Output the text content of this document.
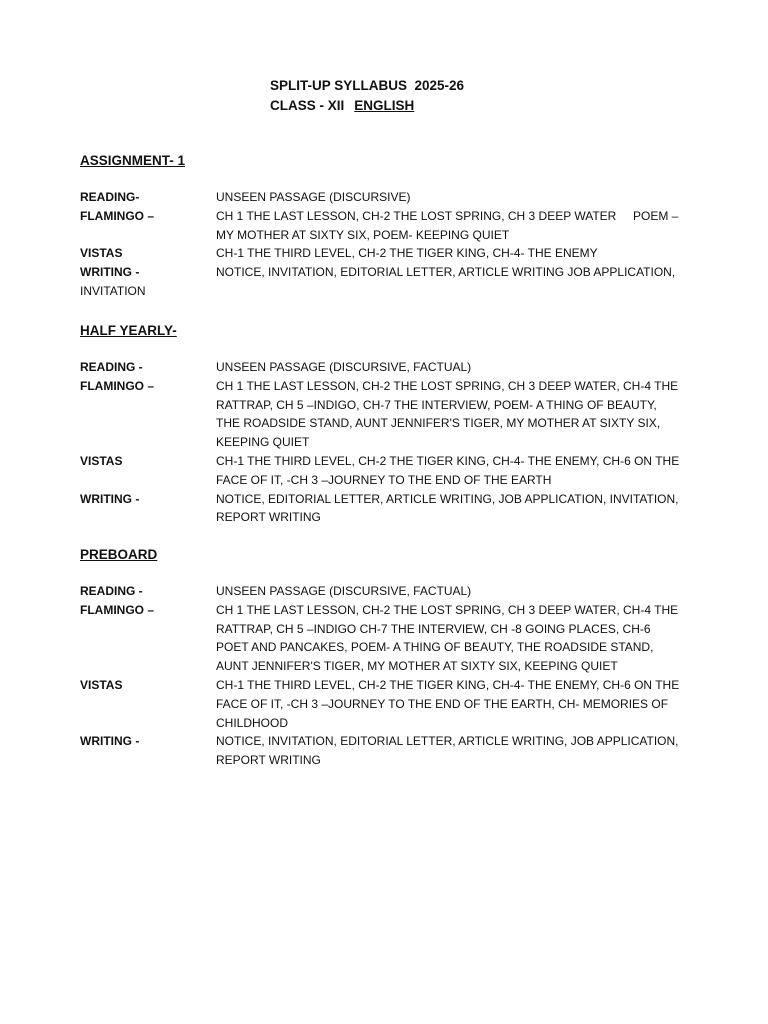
SPLIT-UP SYLLABUS  2025-26
CLASS - XII ENGLISH
ASSIGNMENT- 1
READING-	UNSEEN PASSAGE (DISCURSIVE)
FLAMINGO –	CH 1 THE LAST LESSON, CH-2 THE LOST SPRING, CH 3 DEEP WATER     POEM – MY MOTHER AT SIXTY SIX, POEM- KEEPING QUIET
VISTAS	CH-1 THE THIRD LEVEL, CH-2 THE TIGER KING, CH-4- THE ENEMY
WRITING -	NOTICE, INVITATION, EDITORIAL LETTER, ARTICLE WRITING JOB APPLICATION,
INVITATION
HALF YEARLY-
READING -	UNSEEN PASSAGE (DISCURSIVE, FACTUAL)
FLAMINGO –	CH 1 THE LAST LESSON, CH-2 THE LOST SPRING, CH 3 DEEP WATER, CH-4 THE RATTRAP, CH 5 –INDIGO, CH-7 THE INTERVIEW, POEM- A THING OF BEAUTY, THE ROADSIDE STAND, AUNT JENNIFER'S TIGER, MY MOTHER AT SIXTY SIX, KEEPING QUIET
VISTAS	CH-1 THE THIRD LEVEL, CH-2 THE TIGER KING, CH-4- THE ENEMY, CH-6 ON THE FACE OF IT, -CH 3 –JOURNEY TO THE END OF THE EARTH
WRITING -	NOTICE, EDITORIAL LETTER, ARTICLE WRITING, JOB APPLICATION, INVITATION, REPORT WRITING
PREBOARD
READING -	UNSEEN PASSAGE (DISCURSIVE, FACTUAL)
FLAMINGO –	CH 1 THE LAST LESSON, CH-2 THE LOST SPRING, CH 3 DEEP WATER, CH-4 THE RATTRAP, CH 5 –INDIGO CH-7 THE INTERVIEW, CH -8 GOING PLACES, CH-6 POET AND PANCAKES, POEM- A THING OF BEAUTY, THE ROADSIDE STAND, AUNT JENNIFER'S TIGER, MY MOTHER AT SIXTY SIX, KEEPING QUIET
VISTAS	CH-1 THE THIRD LEVEL, CH-2 THE TIGER KING, CH-4- THE ENEMY, CH-6 ON THE FACE OF IT, -CH 3 –JOURNEY TO THE END OF THE EARTH, CH- MEMORIES OF CHILDHOOD
WRITING -	NOTICE, INVITATION, EDITORIAL LETTER, ARTICLE WRITING, JOB APPLICATION, REPORT WRITING
